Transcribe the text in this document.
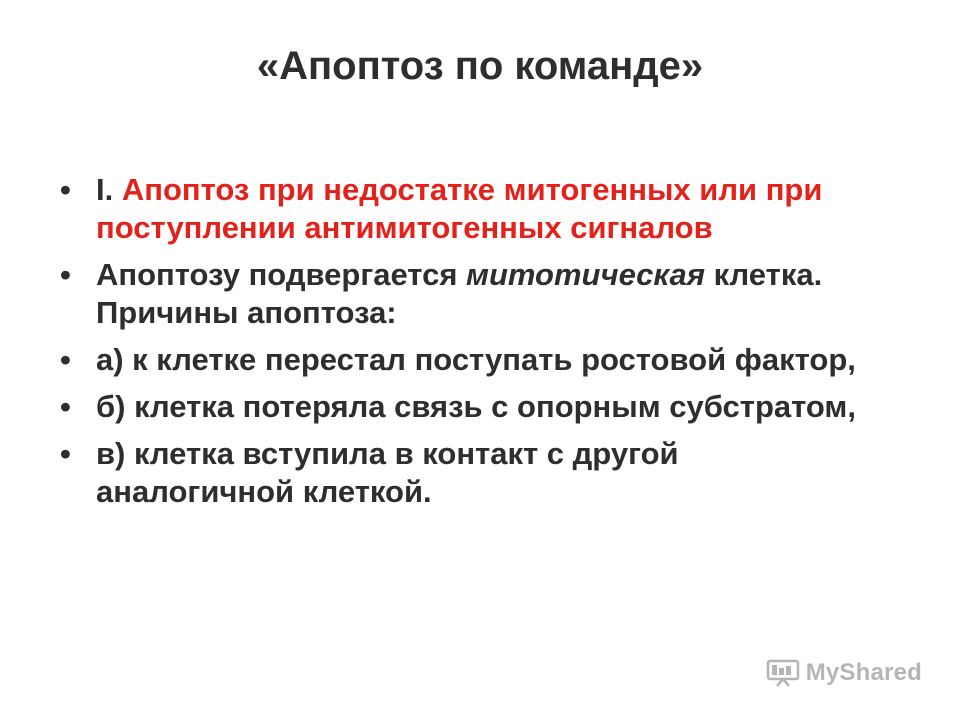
«Апоптоз по команде»
• I. Апоптоз при недостатке митогенных или при поступлении антимитогенных сигналов
• Апоптозу подвергается митотическая клетка. Причины апоптоза:
• а) к клетке перестал поступать ростовой фактор,
• б) клетка потеряла связь с опорным субстратом,
• в) клетка вступила в контакт с другой аналогичной клеткой.
MyShared
